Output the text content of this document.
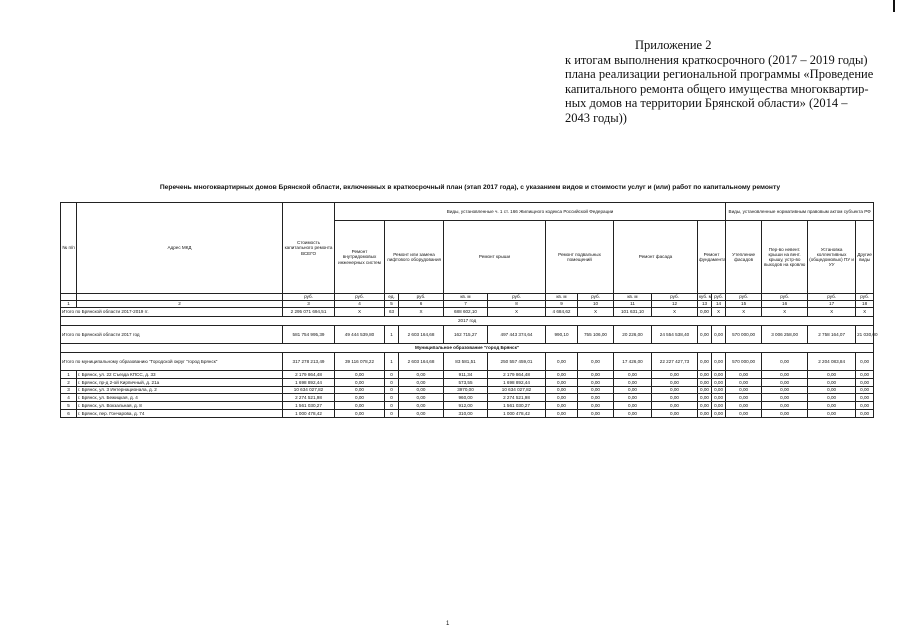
Приложение 2
к итогам выполнения краткосрочного (2017 – 2019 годы)
плана реализации региональной программы «Проведение
капитального ремонта общего имущества многоквартир-
ных домов на территории Брянской области» (2014 –
2043 годы))
Перечень многоквартирных домов Брянской области, включенных в краткосрочный план (этап 2017 года), с указанием видов и стоимости услуг и (или) работ по капитальному ремонту
№ п/п	Адрес МКД	Стоимость капитального ремонта ВСЕГО	Виды, установленные ч. 1 ст. 166 Жилищного кодекса Российской Федерации											Виды, установленные нормативным правовым актом субъекта РФ			
			Ремонт внутридомовых инженерных систем	Ремонт или замена лифтового оборудования		Ремонт крыши		Ремонт подвальных помещений		Ремонт фасада		Ремонт фундамента		Утепление фасадов	Пер-во невент. крыши на вент. крышу, устр-во выходов на кровлю	Установка коллективных (общедомовых) ПУ и УУ	Другие виды
		руб.	руб.	ед.	руб.	кв. м	руб.	кв. м	руб.	кв. м	руб.	куб. м	руб.	руб.	руб.	руб.	руб.
1	2	3	4	5	6	7	8	9	10	11	12	13	14	15	16	17	18
Итого по Брянской области 2017-2019 гг.		2 295 071 694,51	X	63	X	688 602,10	X	4 684,62	X	101 631,10	X	0,00	X	X	X	X	X
2017 год																	
Итого по Брянской области 2017 год		581 754 995,39	49 444 539,80	1	2 603 164,68	162 715,27	497 443 374,64	990,10	755 106,00	20 226,00	24 554 538,40	0,00	0,00	570 000,00	3 006 258,00	2 758 164,07	21 030,00
Муниципальное образование "город Брянск"																	
Итого по муниципальному образованию "Городской округ "город Брянск"		317 278 213,49	39 116 078,22	1	2 603 164,68	83 581,51	250 557 459,01	0,00	0,00	17 426,00	22 227 427,73	0,00	0,00	570 000,00	0,00	2 204 083,84	0,00
1	г. Брянск, ул. 22 Съезда КПСС, д. 33	2 179 864,48	0,00	0	0,00	911,34	2 179 864,48	0,00	0,00	0,00	0,00	0,00	0,00	0,00	0,00	0,00	0,00
2	г. Брянск, пр-д 2-ой Кирпичный, д. 21а	1 698 892,44	0,00	0	0,00	573,55	1 698 892,44	0,00	0,00	0,00	0,00	0,00	0,00	0,00	0,00	0,00	0,00
3	г. Брянск, ул. 3 Интернационала, д. 2	10 634 027,82	0,00	0	0,00	3970,00	10 634 027,82	0,00	0,00	0,00	0,00	0,00	0,00	0,00	0,00	0,00	0,00
4	г. Брянск, ул. Бежицкая, д. 4	2 274 521,98	0,00	0	0,00	960,00	2 274 521,98	0,00	0,00	0,00	0,00	0,00	0,00	0,00	0,00	0,00	0,00
5	г. Брянск, ул. Вокзальная, д. 8	1 561 030,27	0,00	0	0,00	912,00	1 561 030,27	0,00	0,00	0,00	0,00	0,00	0,00	0,00	0,00	0,00	0,00
6	г. Брянск, пер. Гончарова, д. 74	1 000 478,42	0,00	0	0,00	310,00	1 000 478,42	0,00	0,00	0,00	0,00	0,00	0,00	0,00	0,00	0,00	0,00
1
